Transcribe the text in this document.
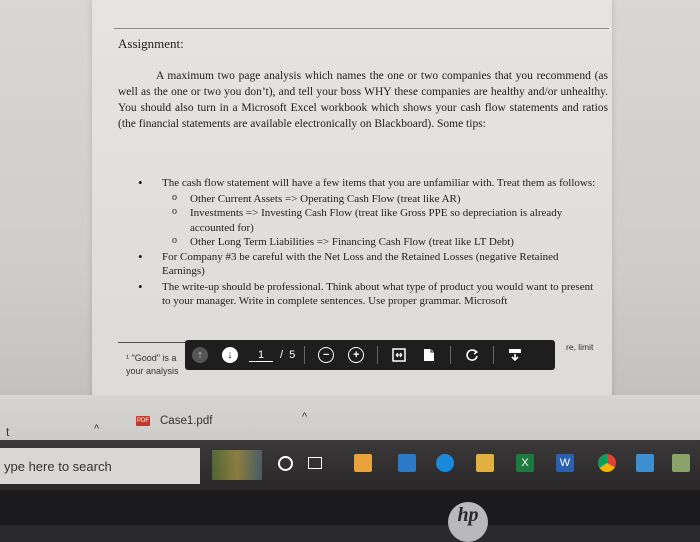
Assignment:
A maximum two page analysis which names the one or two companies that you recommend (as well as the one or two you don’t), and tell your boss WHY these companies are healthy and/or unhealthy. You should also turn in a Microsoft Excel workbook which shows your cash flow statements and ratios (the financial statements are available electronically on Blackboard). Some tips:
• The cash flow statement will have a few items that you are unfamiliar with. Treat them as follows:
o Other Current Assets => Operating Cash Flow (treat like AR)
o Investments => Investing Cash Flow (treat like Gross PPE so depreciation is already accounted for)
o Other Long Term Liabilities => Financing Cash Flow (treat like LT Debt)
• For Company #3 be careful with the Net Loss and the Retained Losses (negative Retained Earnings)
• The write-up should be professional. Think about what type of product you would want to present to your manager. Write in complete sentences. Use proper grammar. Microsoft
¹ "Good" is a
your analysis
re, limit
↑	↓	1	/ 5	−	+
t	^
PDF Case1.pdf	^
ype here to search	X	W
hp
